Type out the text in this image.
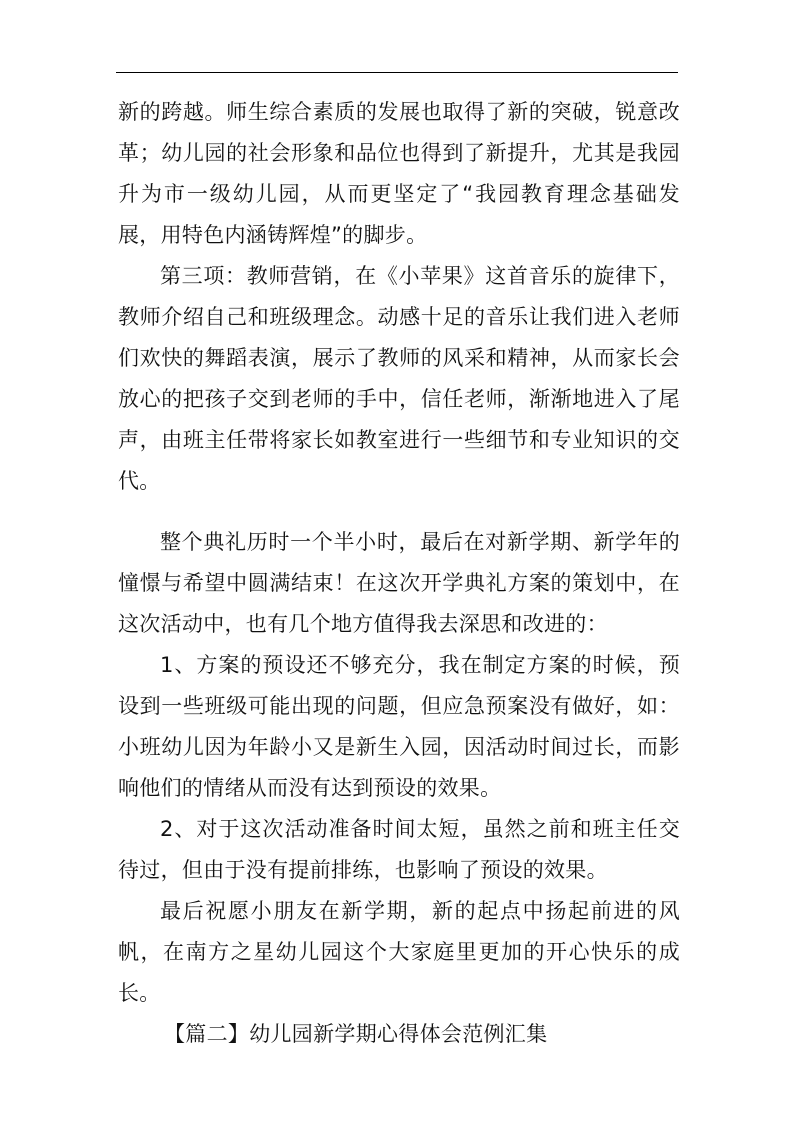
新的跨越。师生综合素质的发展也取得了新的突破，锐意改革；幼儿园的社会形象和品位也得到了新提升，尤其是我园升为市一级幼儿园，从而更坚定了“我园教育理念基础发展，用特色内涵铸辉煌”的脚步。

第三项：教师营销，在《小苹果》这首音乐的旋律下，教师介绍自己和班级理念。动感十足的音乐让我们进入老师们欢快的舞蹈表演，展示了教师的风采和精神，从而家长会放心的把孩子交到老师的手中，信任老师，渐渐地进入了尾声，由班主任带将家长如教室进行一些细节和专业知识的交代。

整个典礼历时一个半小时，最后在对新学期、新学年的憧憬与希望中圆满结束！在这次开学典礼方案的策划中，在这次活动中，也有几个地方值得我去深思和改进的：

1、方案的预设还不够充分，我在制定方案的时候，预设到一些班级可能出现的问题，但应急预案没有做好，如：小班幼儿因为年龄小又是新生入园，因活动时间过长，而影响他们的情绪从而没有达到预设的效果。

2、对于这次活动准备时间太短，虽然之前和班主任交待过，但由于没有提前排练，也影响了预设的效果。

最后祝愿小朋友在新学期，新的起点中扬起前进的风帆，在南方之星幼儿园这个大家庭里更加的开心快乐的成长。

【篇二】幼儿园新学期心得体会范例汇集
